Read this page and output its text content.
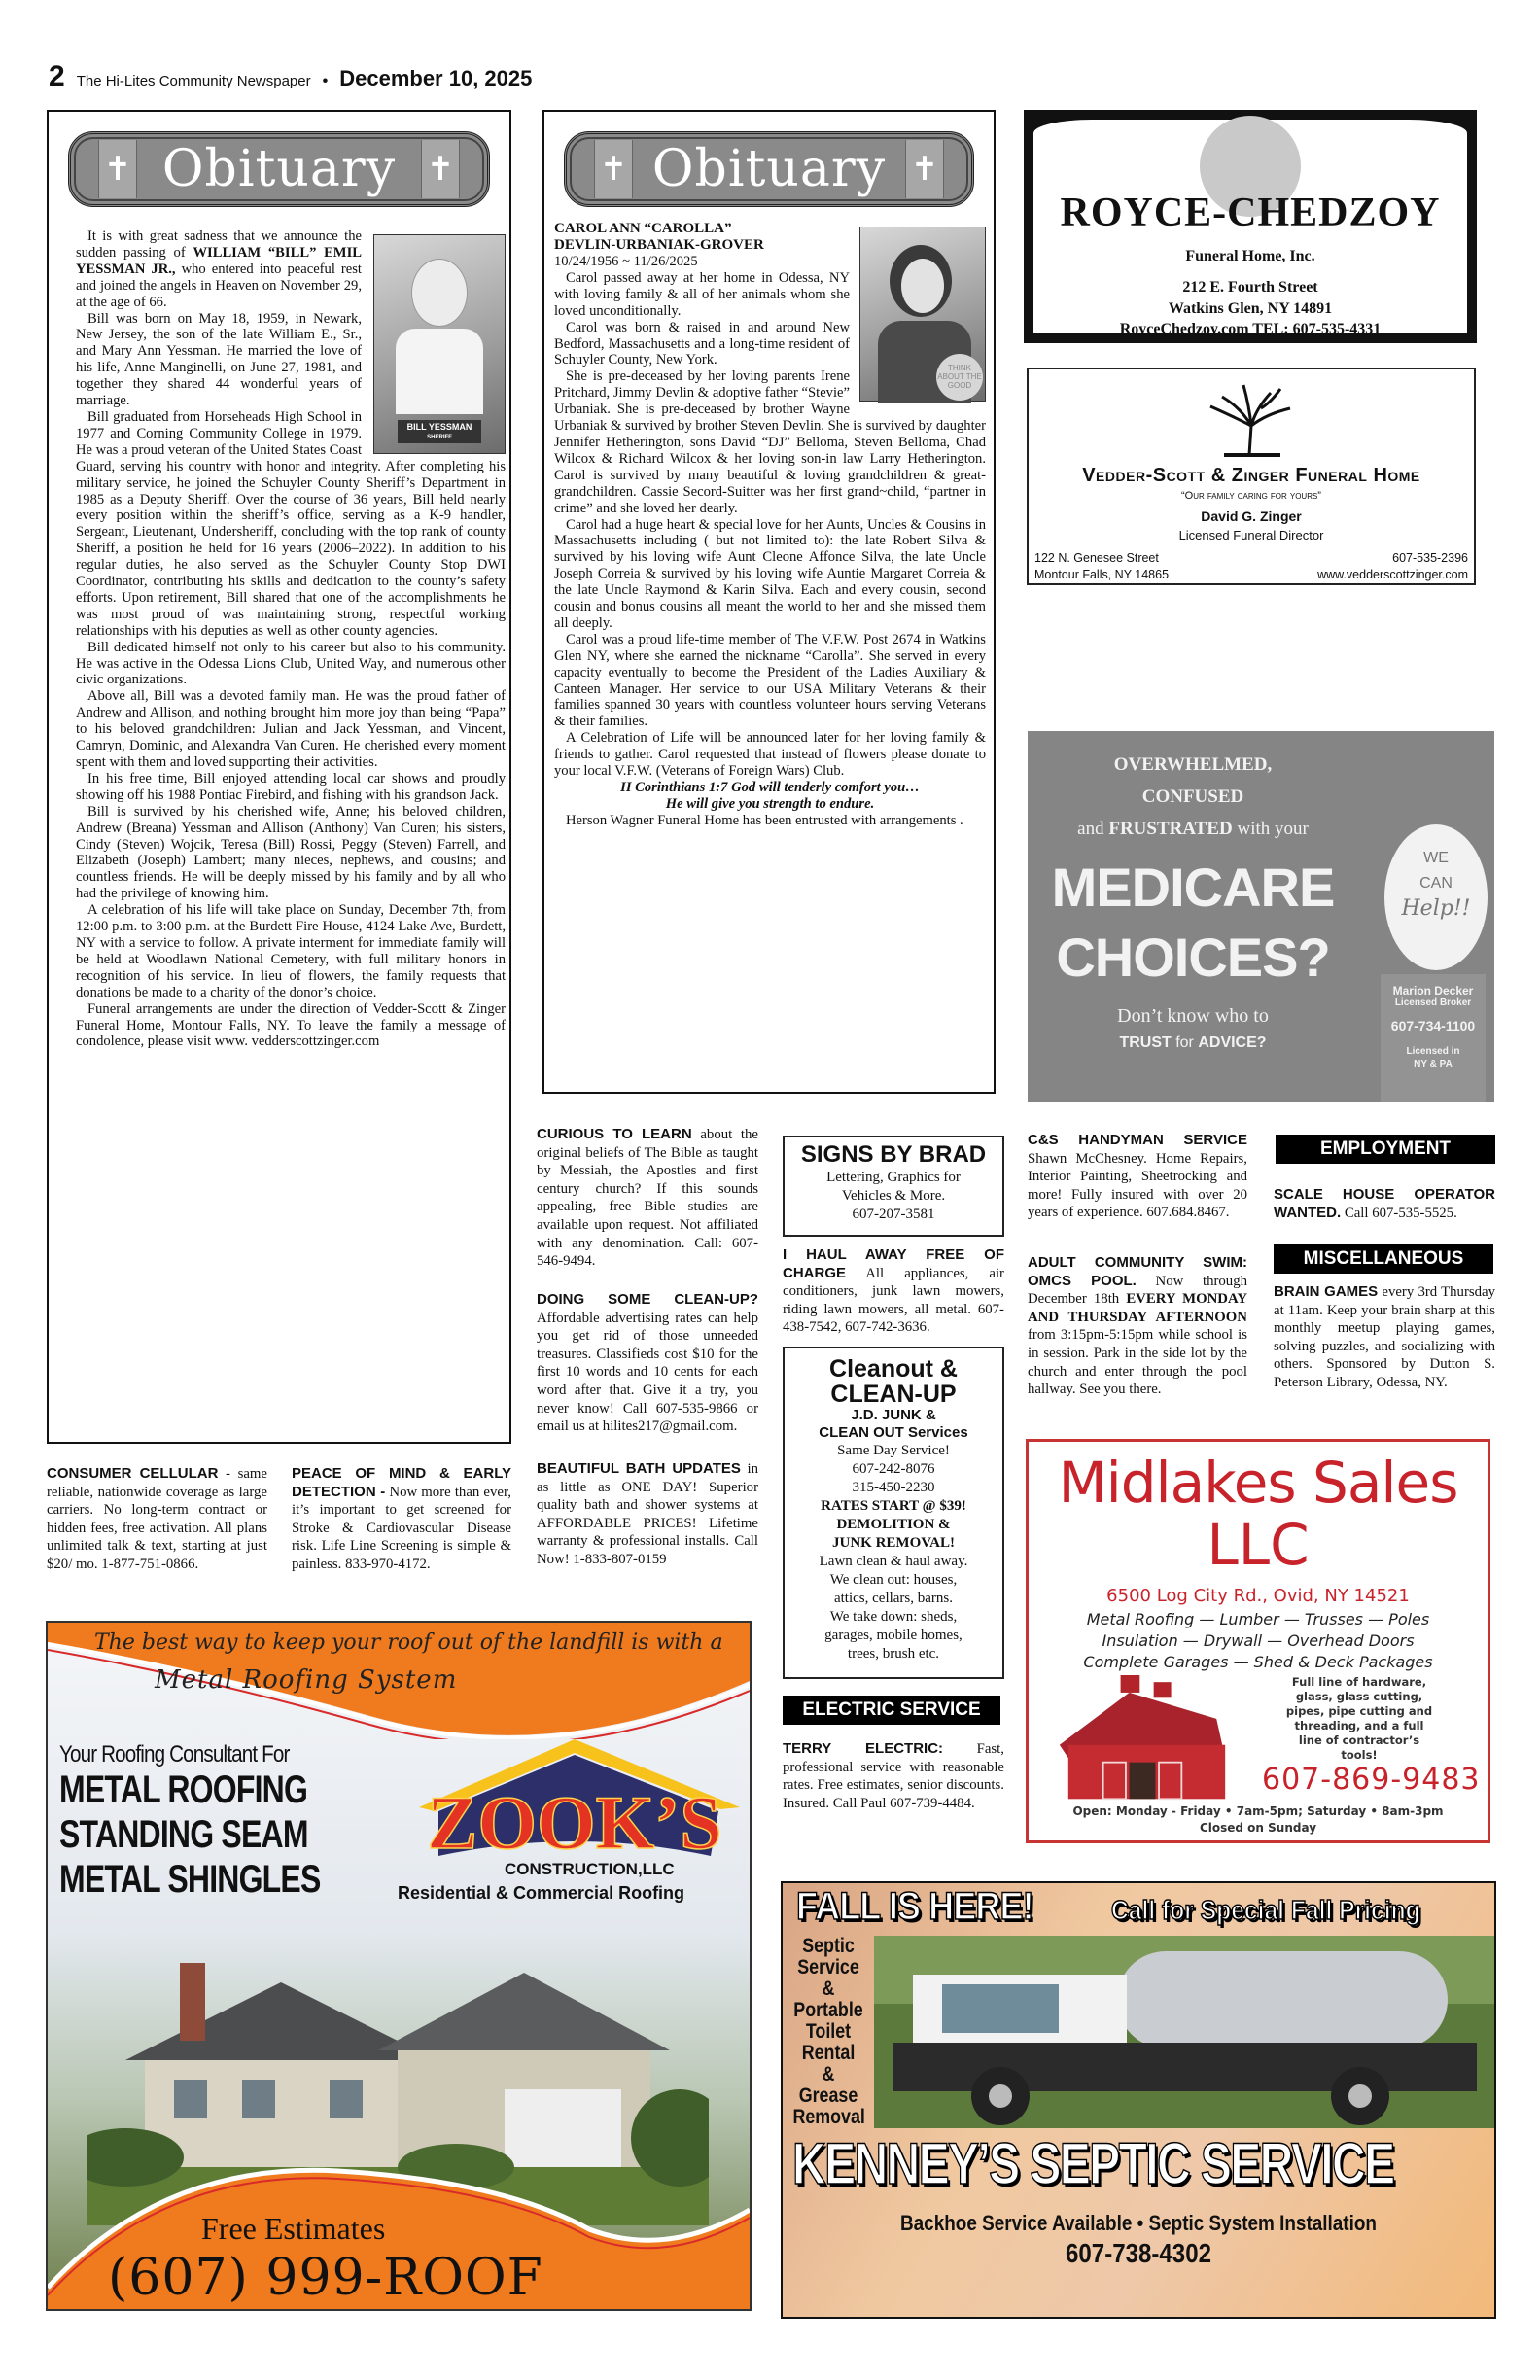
2 The Hi-Lites Community Newspaper • December 10, 2025
✝ Obituary ✝
BILL YESSMAN
SHERIFF

It is with great sadness that we announce the sudden passing of WILLIAM “BILL” EMIL YESSMAN JR., who entered into peaceful rest and joined the angels in Heaven on November 29, at the age of 66.

Bill was born on May 18, 1959, in Newark, New Jersey, the son of the late William E., Sr., and Mary Ann Yessman. He married the love of his life, Anne Manginelli, on June 27, 1981, and together they shared 44 wonderful years of marriage.

Bill graduated from Horseheads High School in 1977 and Corning Community College in 1979. He was a proud veteran of the United States Coast Guard, serving his country with honor and integrity. After completing his military service, he joined the Schuyler County Sheriff’s Department in 1985 as a Deputy Sheriff. Over the course of 36 years, Bill held nearly every position within the sheriff’s office, serving as a K-9 handler, Sergeant, Lieutenant, Undersheriff, concluding with the top rank of county Sheriff, a position he held for 16 years (2006–2022). In addition to his regular duties, he also served as the Schuyler County Stop DWI Coordinator, contributing his skills and dedication to the county’s safety efforts. Upon retirement, Bill shared that one of the accomplishments he was most proud of was maintaining strong, respectful working relationships with his deputies as well as other county agencies.

Bill dedicated himself not only to his career but also to his community. He was active in the Odessa Lions Club, United Way, and numerous other civic organizations.

Above all, Bill was a devoted family man. He was the proud father of Andrew and Allison, and nothing brought him more joy than being “Papa” to his beloved grandchildren: Julian and Jack Yessman, and Vincent, Camryn, Dominic, and Alexandra Van Curen. He cherished every moment spent with them and loved supporting their activities.

In his free time, Bill enjoyed attending local car shows and proudly showing off his 1988 Pontiac Firebird, and fishing with his grandson Jack.

Bill is survived by his cherished wife, Anne; his beloved children, Andrew (Breana) Yessman and Allison (Anthony) Van Curen; his sisters, Cindy (Steven) Wojcik, Teresa (Bill) Rossi, Peggy (Steven) Farrell, and Elizabeth (Joseph) Lambert; many nieces, nephews, and cousins; and countless friends. He will be deeply missed by his family and by all who had the privilege of knowing him.

A celebration of his life will take place on Sunday, December 7th, from 12:00 p.m. to 3:00 p.m. at the Burdett Fire House, 4124 Lake Ave, Burdett, NY with a service to follow. A private interment for immediate family will be held at Woodlawn National Cemetery, with full military honors in recognition of his service. In lieu of flowers, the family requests that donations be made to a charity of the donor’s choice.

Funeral arrangements are under the direction of Vedder-Scott & Zinger Funeral Home, Montour Falls, NY. To leave the family a message of condolence, please visit www. vedderscottzinger.com

✝ Obituary ✝
THINK ABOUT THE GOOD
CAROL ANN “CAROLLA”
DEVLIN-URBANIAK-GROVER
10/24/1956 ~ 11/26/2025

Carol passed away at her home in Odessa, NY with loving family & all of her animals whom she loved unconditionally.

Carol was born & raised in and around New Bedford, Massachusetts and a long-time resident of Schuyler County, New York.

She is pre-deceased by her loving parents Irene Pritchard, Jimmy Devlin & adoptive father “Stevie” Urbaniak. She is pre-deceased by brother Wayne Urbaniak & survived by brother Steven Devlin. She is survived by daughter Jennifer Hetherington, sons David “DJ” Belloma, Steven Belloma, Chad Wilcox & Richard Wilcox & her loving son-in law Larry Hetherington. Carol is survived by many beautiful & loving grandchildren & great-grandchildren. Cassie Secord-Suitter was her first grand~child, “partner in crime” and she loved her dearly.

Carol had a huge heart & special love for her Aunts, Uncles & Cousins in Massachusetts including ( but not limited to): the late Robert Silva & survived by his loving wife Aunt Cleone Affonce Silva, the late Uncle Joseph Correia & survived by his loving wife Auntie Margaret Correia & the late Uncle Raymond & Karin Silva. Each and every cousin, second cousin and bonus cousins all meant the world to her and she missed them all deeply.

Carol was a proud life-time member of The V.F.W. Post 2674 in Watkins Glen NY, where she earned the nickname “Carolla”. She served in every capacity eventually to become the President of the Ladies Auxiliary & Canteen Manager. Her service to our USA Military Veterans & their families spanned 30 years with countless volunteer hours serving Veterans & their families.

A Celebration of Life will be announced later for her loving family & friends to gather. Carol requested that instead of flowers please donate to your local V.F.W. (Veterans of Foreign Wars) Club.

II Corinthians 1:7 God will tenderly comfort you…
He will give you strength to endure.

Herson Wagner Funeral Home has been entrusted with arrangements .

ROYCE-CHEDZOY
Funeral Home, Inc.
212 E. Fourth Street
Watkins Glen, NY 14891
RoyceChedzoy.com TEL: 607-535-4331
Vedder-Scott & Zinger Funeral Home
“Our family caring for yours”
David G. Zinger
Licensed Funeral Director
122 N. Genesee Street
Montour Falls, NY 14865
607-535-2396
www.vedderscottzinger.com
OVERWHELMED,
CONFUSED
and FRUSTRATED with your
MEDICARE
CHOICES?
Don’t know who to
TRUST for ADVICE?
Marion Decker
Licensed Broker
607-734-1100
Licensed in
NY & PA
WE
CAN
Help!!
CONSUMER CELLULAR - same reliable, nationwide coverage as large carriers. No long-term contract or hidden fees, free activation. All plans unlimited talk & text, starting at just $20/ mo. 1-877-751-0866.
PEACE OF MIND & EARLY DETECTION - Now more than ever, it’s important to get screened for Stroke & Cardiovascular Disease risk. Life Line Screening is simple & painless. 833-970-4172.
CURIOUS TO LEARN about the original beliefs of The Bible as taught by Messiah, the Apostles and first century church? If this sounds appealing, free Bible studies are available upon request. Not affiliated with any denomination. Call: 607-546-9494.
DOING SOME CLEAN-UP? Affordable advertising rates can help you get rid of those unneeded treasures. Classifieds cost $10 for the first 10 words and 10 cents for each word after that. Give it a try, you never know! Call 607-535-9866 or email us at hilites217@gmail.com.
BEAUTIFUL BATH UPDATES in as little as ONE DAY! Superior quality bath and shower systems at AFFORDABLE PRICES! Lifetime warranty & professional installs. Call Now! 1-833-807-0159
SIGNS BY BRAD
Lettering, Graphics for
Vehicles & More.
607-207-3581
I HAUL AWAY FREE OF CHARGE All appliances, air conditioners, junk lawn mowers, riding lawn mowers, all metal. 607-438-7542, 607-742-3636.
Cleanout &
CLEAN-UP
J.D. JUNK &
CLEAN OUT Services
Same Day Service!
607-242-8076
315-450-2230
RATES START @ $39!
DEMOLITION &
JUNK REMOVAL!
Lawn clean & haul away.
We clean out: houses,
attics, cellars, barns.
We take down: sheds,
garages, mobile homes,
trees, brush etc.
ELECTRIC SERVICE
TERRY ELECTRIC: Fast, professional service with reasonable rates. Free estimates, senior discounts. Insured. Call Paul 607-739-4484.
C&S HANDYMAN SERVICE Shawn McChesney. Home Repairs, Interior Painting, Sheetrocking and more! Fully insured with over 20 years of experience. 607.684.8467.
ADULT COMMUNITY SWIM: OMCS POOL. Now through December 18th EVERY MONDAY AND THURSDAY AFTERNOON from 3:15pm-5:15pm while school is in session. Park in the side lot by the church and enter through the pool hallway. See you there.
EMPLOYMENT
SCALE HOUSE OPERATOR WANTED. Call 607-535-5525.
MISCELLANEOUS
BRAIN GAMES every 3rd Thursday at 11am. Keep your brain sharp at this monthly meetup playing games, solving puzzles, and socializing with others. Sponsored by Dutton S. Peterson Library, Odessa, NY.
The best way to keep your roof out of the landfill is with a
Metal Roofing System
Your Roofing Consultant For
METAL ROOFING
STANDING SEAM
METAL SHINGLES
ZOOK’S
CONSTRUCTION,LLC
Residential & Commercial Roofing
Free Estimates
(607) 999-ROOF
Midlakes Sales
LLC
6500 Log City Rd., Ovid, NY 14521
Metal Roofing — Lumber — Trusses — Poles
Insulation — Drywall — Overhead Doors
Complete Garages — Shed & Deck Packages
Full line of hardware, glass, glass cutting, pipes, pipe cutting and threading, and a full line of contractor’s tools!
607-869-9483
Open: Monday - Friday • 7am-5pm; Saturday • 8am-3pm
Closed on Sunday
FALL IS HERE!	Call for Special Fall Pricing
Septic
Service
&
Portable
Toilet
Rental
&
Grease
Removal
KENNEY’S SEPTIC SERVICE
Backhoe Service Available • Septic System Installation
607-738-4302
